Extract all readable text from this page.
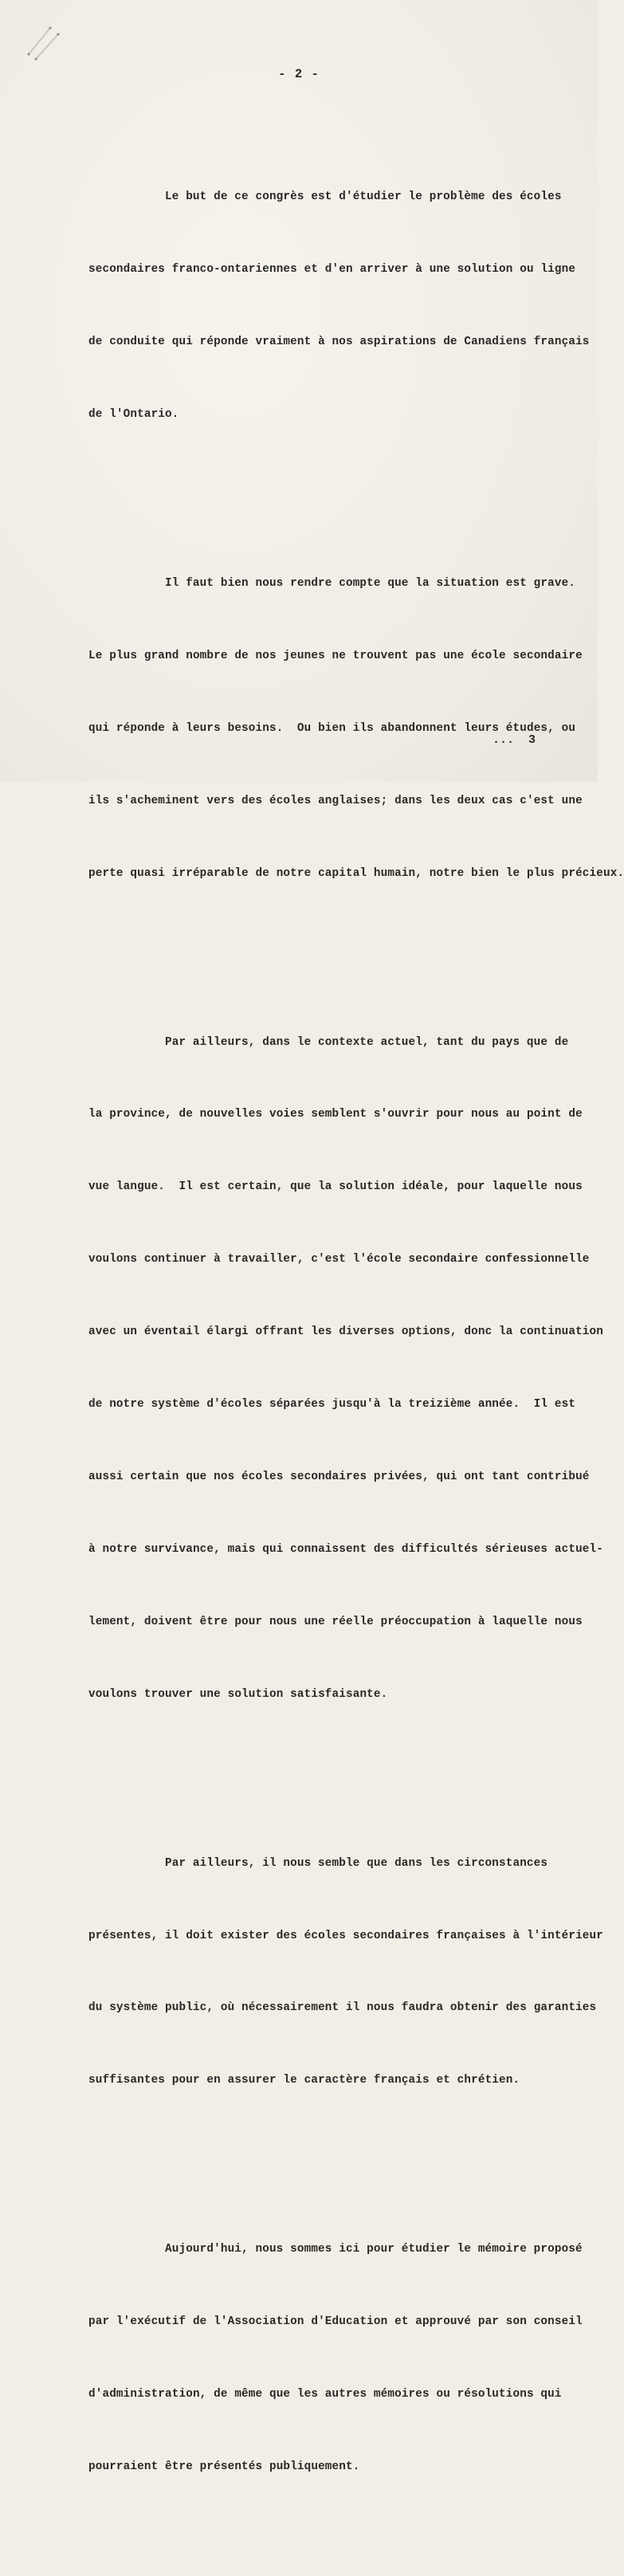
- 2 -

Le but de ce congrès est d'étudier le problème des écoles

secondaires franco-ontariennes et d'en arriver à une solution ou ligne

de conduite qui réponde vraiment à nos aspirations de Canadiens français

de l'Ontario.

Il faut bien nous rendre compte que la situation est grave.

Le plus grand nombre de nos jeunes ne trouvent pas une école secondaire

qui réponde à leurs besoins.  Ou bien ils abandonnent leurs études, ou

ils s'acheminent vers des écoles anglaises; dans les deux cas c'est une

perte quasi irréparable de notre capital humain, notre bien le plus précieux.

Par ailleurs, dans le contexte actuel, tant du pays que de

la province, de nouvelles voies semblent s'ouvrir pour nous au point de

vue langue.  Il est certain, que la solution idéale, pour laquelle nous

voulons continuer à travailler, c'est l'école secondaire confessionnelle

avec un éventail élargi offrant les diverses options, donc la continuation

de notre système d'écoles séparées jusqu'à la treizième année.  Il est

aussi certain que nos écoles secondaires privées, qui ont tant contribué

à notre survivance, mais qui connaissent des difficultés sérieuses actuel-

lement, doivent être pour nous une réelle préoccupation à laquelle nous

voulons trouver une solution satisfaisante.

Par ailleurs, il nous semble que dans les circonstances

présentes, il doit exister des écoles secondaires françaises à l'intérieur

du système public, où nécessairement il nous faudra obtenir des garanties

suffisantes pour en assurer le caractère français et chrétien.

Aujourd'hui, nous sommes ici pour étudier le mémoire proposé

par l'exécutif de l'Association d'Education et approuvé par son conseil

d'administration, de même que les autres mémoires ou résolutions qui

pourraient être présentés publiquement.

...  3
